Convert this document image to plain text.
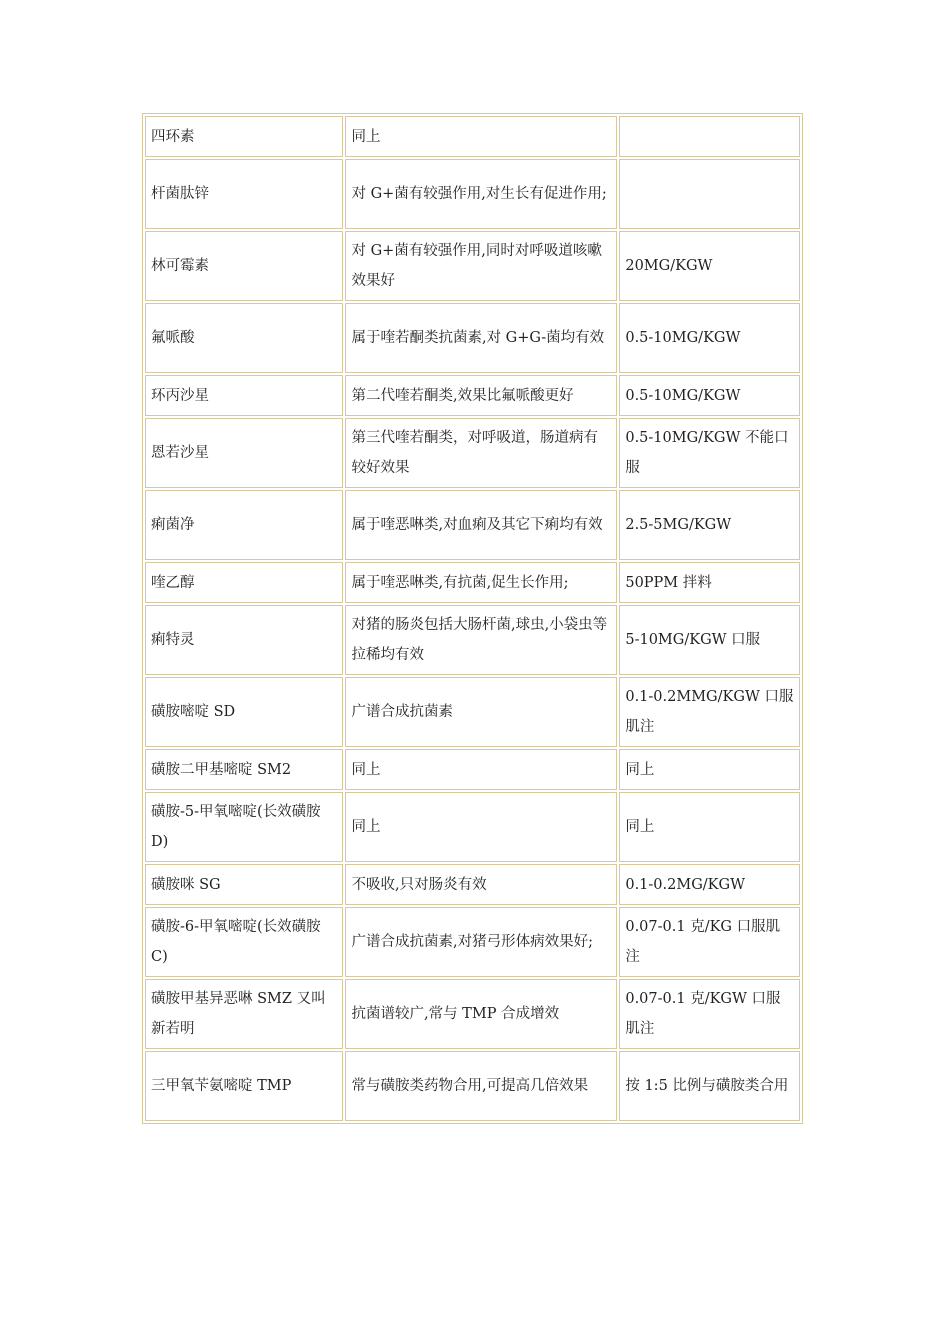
四环素	同上	
杆菌肽锌	对 G+菌有较强作用,对生长有促进作用;	
林可霉素	对 G+菌有较强作用,同时对呼吸道咳嗽效果好	20MG/KGW
氟哌酸	属于喹若酮类抗菌素,对 G+G-菌均有效	0.5-10MG/KGW
环丙沙星	第二代喹若酮类,效果比氟哌酸更好	0.5-10MG/KGW
恩若沙星	第三代喹若酮类，对呼吸道，肠道病有较好效果	0.5-10MG/KGW 不能口服
痢菌净	属于喹恶啉类,对血痢及其它下痢均有效	2.5-5MG/KGW
喹乙醇	属于喹恶啉类,有抗菌,促生长作用;	50PPM 拌料
痢特灵	对猪的肠炎包括大肠杆菌,球虫,小袋虫等拉稀均有效	5-10MG/KGW 口服
磺胺嘧啶 SD	广谱合成抗菌素	0.1-0.2MMG/KGW 口服肌注
磺胺二甲基嘧啶 SM2	同上	同上
磺胺-5-甲氧嘧啶(长效磺胺 D)	同上	同上
磺胺咪 SG	不吸收,只对肠炎有效	0.1-0.2MG/KGW
磺胺-6-甲氧嘧啶(长效磺胺 C)	广谱合成抗菌素,对猪弓形体病效果好;	0.07-0.1 克/KG 口服肌注
磺胺甲基异恶啉 SMZ 又叫新若明	抗菌谱较广,常与 TMP 合成增效	0.07-0.1 克/KGW 口服肌注
三甲氧苄氨嘧啶 TMP	常与磺胺类药物合用,可提高几倍效果	按 1:5 比例与磺胺类合用
